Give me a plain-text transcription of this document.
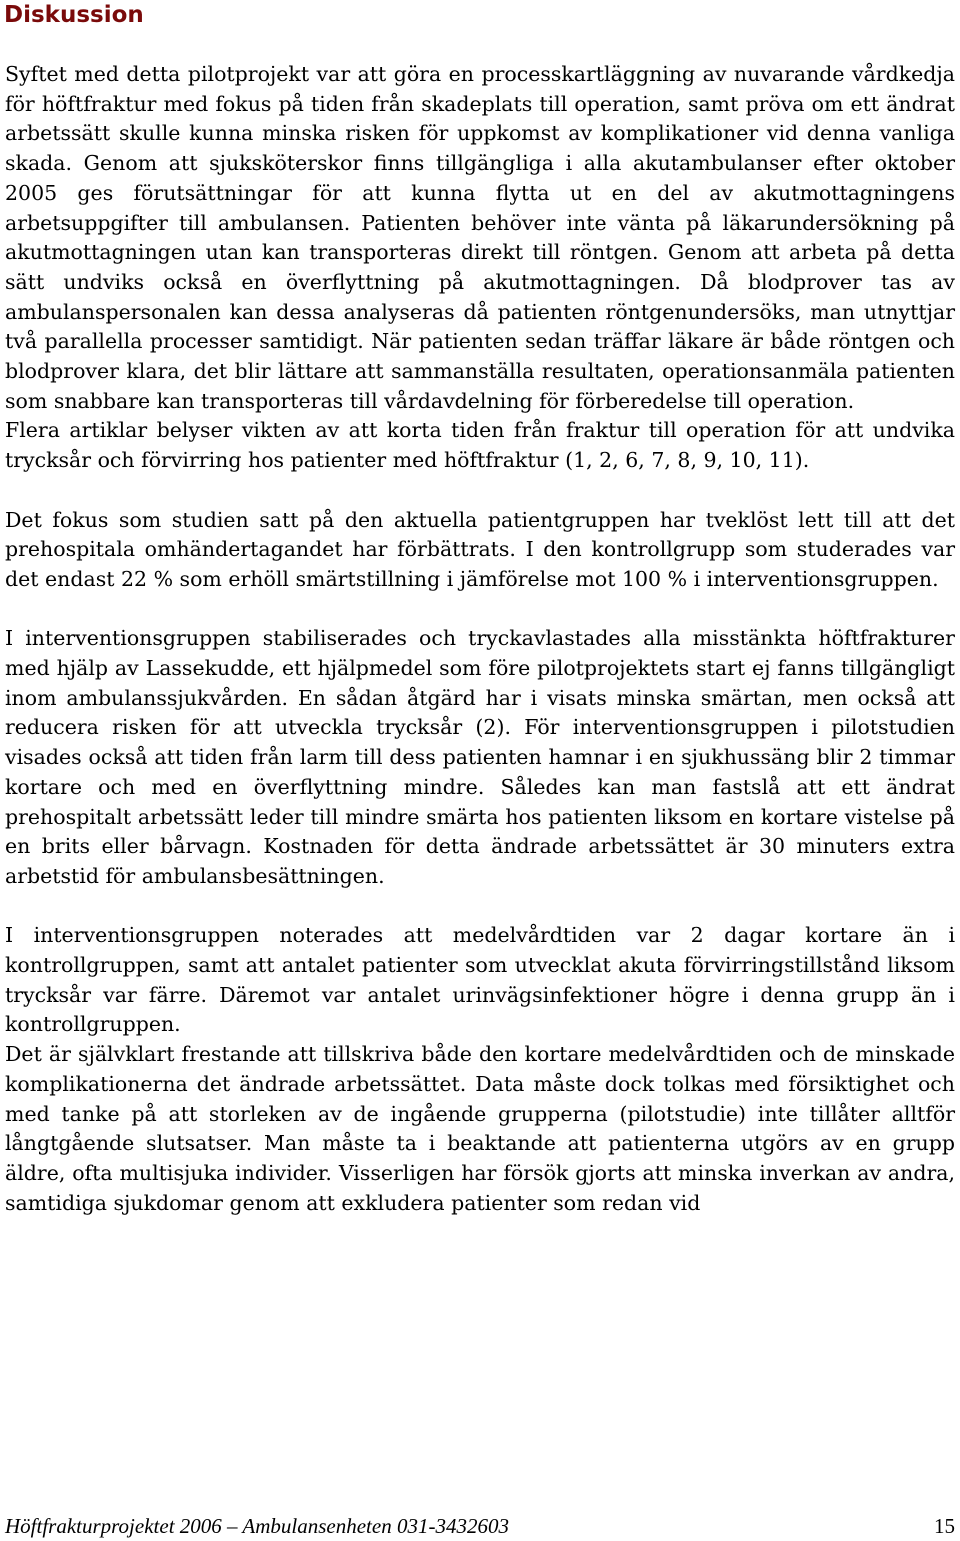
Diskussion

Syftet med detta pilotprojekt var att göra en processkartläggning av nuvarande vårdkedja för höftfraktur med fokus på tiden från skadeplats till operation, samt pröva om ett ändrat arbetssätt skulle kunna minska risken för uppkomst av komplikationer vid denna vanliga skada. Genom att sjuksköterskor finns tillgängliga i alla akutambulanser efter oktober 2005 ges förutsättningar för att kunna flytta ut en del av akutmottagningens arbetsuppgifter till ambulansen. Patienten behöver inte vänta på läkarundersökning på akutmottagningen utan kan transporteras direkt till röntgen. Genom att arbeta på detta sätt undviks också en överflyttning på akutmottagningen. Då blodprover tas av ambulanspersonalen kan dessa analyseras då patienten röntgenundersöks, man utnyttjar två parallella processer samtidigt. När patienten sedan träffar läkare är både röntgen och blodprover klara, det blir lättare att sammanställa resultaten, operationsanmäla patienten som snabbare kan transporteras till vårdavdelning för förberedelse till operation.

Flera artiklar belyser vikten av att korta tiden från fraktur till operation för att undvika trycksår och förvirring hos patienter med höftfraktur (1, 2, 6, 7, 8, 9, 10, 11).

Det fokus som studien satt på den aktuella patientgruppen har tveklöst lett till att det prehospitala omhändertagandet har förbättrats. I den kontrollgrupp som studerades var det endast 22 % som erhöll smärtstillning i jämförelse mot 100 % i interventionsgruppen.

I interventionsgruppen stabiliserades och tryckavlastades alla misstänkta höftfrakturer med hjälp av Lassekudde, ett hjälpmedel som före pilotprojektets start ej fanns tillgängligt inom ambulanssjukvården. En sådan åtgärd har i visats minska smärtan, men också att reducera risken för att utveckla trycksår (2). För interventionsgruppen i pilotstudien visades också att tiden från larm till dess patienten hamnar i en sjukhussäng blir 2 timmar kortare och med en överflyttning mindre. Således kan man fastslå att ett ändrat prehospitalt arbetssätt leder till mindre smärta hos patienten liksom en kortare vistelse på en brits eller bårvagn. Kostnaden för detta ändrade arbetssättet är 30 minuters extra arbetstid för ambulansbesättningen.

I interventionsgruppen noterades att medelvårdtiden var 2 dagar kortare än i kontrollgruppen, samt att antalet patienter som utvecklat akuta förvirringstillstånd liksom trycksår var färre. Däremot var antalet urinvägsinfektioner högre i denna grupp än i kontrollgruppen.

Det är självklart frestande att tillskriva både den kortare medelvårdtiden och de minskade komplikationerna det ändrade arbetssättet. Data måste dock tolkas med försiktighet och med tanke på att storleken av de ingående grupperna (pilotstudie) inte tillåter alltför långtgående slutsatser. Man måste ta i beaktande att patienterna utgörs av en grupp äldre, ofta multisjuka individer. Visserligen har försök gjorts att minska inverkan av andra, samtidiga sjukdomar genom att exkludera patienter som redan vid

Höftfrakturprojektet 2006 – Ambulansenheten 031-3432603	15
